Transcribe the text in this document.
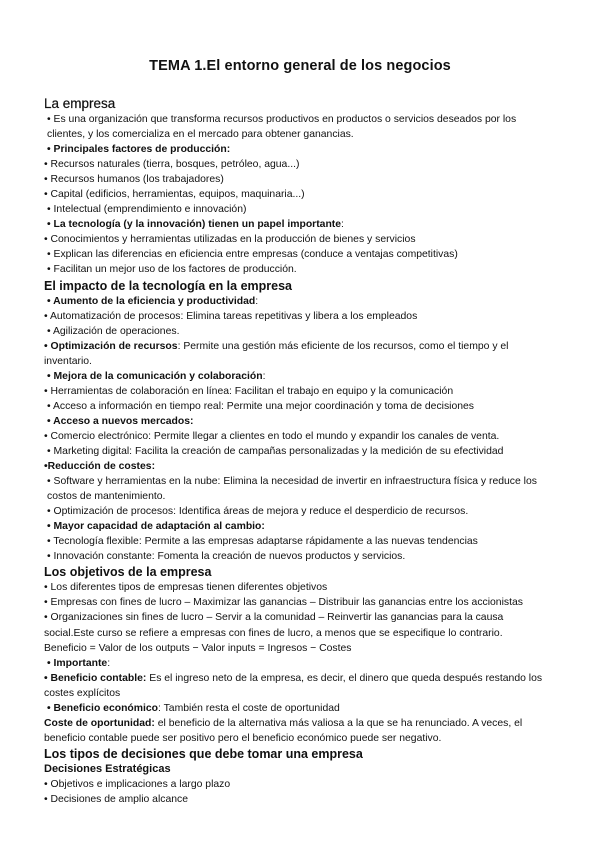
TEMA 1.El entorno general de los negocios
La empresa
• Es una organización que transforma recursos productivos en productos o servicios deseados por los clientes, y los comercializa en el mercado para obtener ganancias.
• Principales factores de producción:
• Recursos naturales (tierra, bosques, petróleo, agua...)
• Recursos humanos (los trabajadores)
• Capital (edificios, herramientas, equipos, maquinaria...)
• Intelectual (emprendimiento e innovación)
• La tecnología (y la innovación) tienen un papel importante:
• Conocimientos y herramientas utilizadas en la producción de bienes y servicios
• Explican las diferencias en eficiencia entre empresas (conduce a ventajas competitivas)
• Facilitan un mejor uso de los factores de producción.
El impacto de la tecnología en la empresa
• Aumento de la eficiencia y productividad:
• Automatización de procesos: Elimina tareas repetitivas y libera a los empleados
• Agilización de operaciones.
• Optimización de recursos: Permite una gestión más eficiente de los recursos, como el tiempo y el inventario.
• Mejora de la comunicación y colaboración:
• Herramientas de colaboración en línea: Facilitan el trabajo en equipo y la comunicación
• Acceso a información en tiempo real: Permite una mejor coordinación y toma de decisiones
• Acceso a nuevos mercados:
• Comercio electrónico: Permite llegar a clientes en todo el mundo y expandir los canales de venta.
• Marketing digital: Facilita la creación de campañas personalizadas y la medición de su efectividad
•Reducción de costes:
• Software y herramientas en la nube: Elimina la necesidad de invertir en infraestructura física y reduce los costos de mantenimiento.
• Optimización de procesos: Identifica áreas de mejora y reduce el desperdicio de recursos.
• Mayor capacidad de adaptación al cambio:
• Tecnología flexible: Permite a las empresas adaptarse rápidamente a las nuevas tendencias
• Innovación constante: Fomenta la creación de nuevos productos y servicios.
Los objetivos de la empresa
• Los diferentes tipos de empresas tienen diferentes objetivos
• Empresas con fines de lucro – Maximizar las ganancias – Distribuir las ganancias entre los accionistas
• Organizaciones sin fines de lucro – Servir a la comunidad – Reinvertir las ganancias para la causa social.Este curso se refiere a empresas con fines de lucro, a menos que se especifique lo contrario.
Beneficio = Valor de los outputs − Valor inputs = Ingresos − Costes
• Importante:
• Beneficio contable: Es el ingreso neto de la empresa, es decir, el dinero que queda después restando los costes explícitos
• Beneficio económico: También resta el coste de oportunidad
Coste de oportunidad: el beneficio de la alternativa más valiosa a la que se ha renunciado. A veces, el beneficio contable puede ser positivo pero el beneficio económico puede ser negativo.
Los tipos de decisiones que debe tomar una empresa
Decisiones Estratégicas
• Objetivos e implicaciones a largo plazo
• Decisiones de amplio alcance
